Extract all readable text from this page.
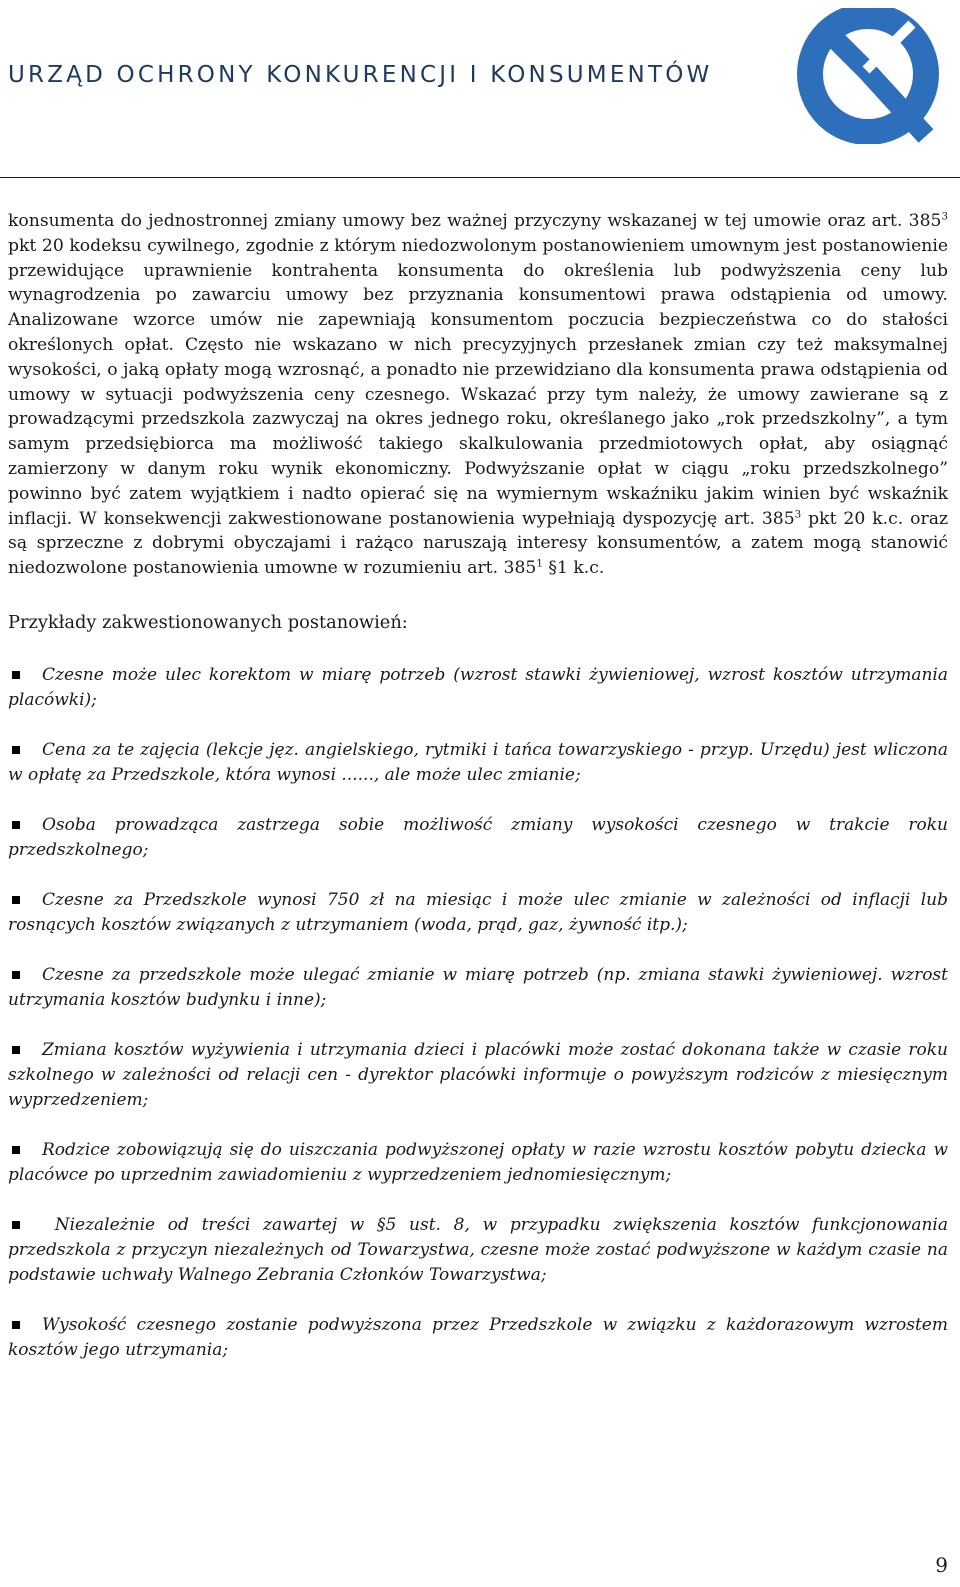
URZĄD OCHRONY KONKURENCJI I KONSUMENTÓW

konsumenta do jednostronnej zmiany umowy bez ważnej przyczyny wskazanej w tej umowie oraz art. $385^3$ pkt 20 kodeksu cywilnego, zgodnie z którym niedozwolonym postanowieniem umownym jest postanowienie przewidujące uprawnienie kontrahenta konsumenta do określenia lub podwyższenia ceny lub wynagrodzenia po zawarciu umowy bez przyznania konsumentowi prawa odstąpienia od umowy. Analizowane wzorce umów nie zapewniają konsumentom poczucia bezpieczeństwa co do stałości określonych opłat. Często nie wskazano w nich precyzyjnych przesłanek zmian czy też maksymalnej wysokości, o jaką opłaty mogą wzrosnąć, a ponadto nie przewidziano dla konsumenta prawa odstąpienia od umowy w sytuacji podwyższenia ceny czesnego. Wskazać przy tym należy, że umowy zawierane są z prowadzącymi przedszkola zazwyczaj na okres jednego roku, określanego jako „rok przedszkolny”, a tym samym przedsiębiorca ma możliwość takiego skalkulowania przedmiotowych opłat, aby osiągnąć zamierzony w danym roku wynik ekonomiczny. Podwyższanie opłat w ciągu „roku przedszkolnego” powinno być zatem wyjątkiem i nadto opierać się na wymiernym wskaźniku jakim winien być wskaźnik inflacji. W konsekwencji zakwestionowane postanowienia wypełniają dyspozycję art. $385^3$ pkt 20 k.c. oraz są sprzeczne z dobrymi obyczajami i rażąco naruszają interesy konsumentów, a zatem mogą stanowić niedozwolone postanowienia umowne w rozumieniu art. $385^1$ §1 k.c.

Przykłady zakwestionowanych postanowień:

Czesne może ulec korektom w miarę potrzeb (wzrost stawki żywieniowej, wzrost kosztów utrzymania placówki);
Cena za te zajęcia (lekcje jęz. angielskiego, rytmiki i tańca towarzyskiego - przyp. Urzędu) jest wliczona w opłatę za Przedszkole, która wynosi ......, ale może ulec zmianie;
Osoba prowadząca zastrzega sobie możliwość zmiany wysokości czesnego w trakcie roku przedszkolnego;
Czesne za Przedszkole wynosi 750 zł na miesiąc i może ulec zmianie w zależności od inflacji lub rosnących kosztów związanych z utrzymaniem (woda, prąd, gaz, żywność itp.);
Czesne za przedszkole może ulegać zmianie w miarę potrzeb (np. zmiana stawki żywieniowej. wzrost utrzymania kosztów budynku i inne);
Zmiana kosztów wyżywienia i utrzymania dzieci i placówki może zostać dokonana także w czasie roku szkolnego w zależności od relacji cen - dyrektor placówki informuje o powyższym rodziców z miesięcznym wyprzedzeniem;
Rodzice zobowiązują się do uiszczania podwyższonej opłaty w razie wzrostu kosztów pobytu dziecka w placówce po uprzednim zawiadomieniu z wyprzedzeniem jednomiesięcznym;
Niezależnie od treści zawartej w §5 ust. 8, w przypadku zwiększenia kosztów funkcjonowania przedszkola z przyczyn niezależnych od Towarzystwa, czesne może zostać podwyższone w każdym czasie na podstawie uchwały Walnego Zebrania Członków Towarzystwa;
Wysokość czesnego zostanie podwyższona przez Przedszkole w związku z każdorazowym wzrostem kosztów jego utrzymania;
9
